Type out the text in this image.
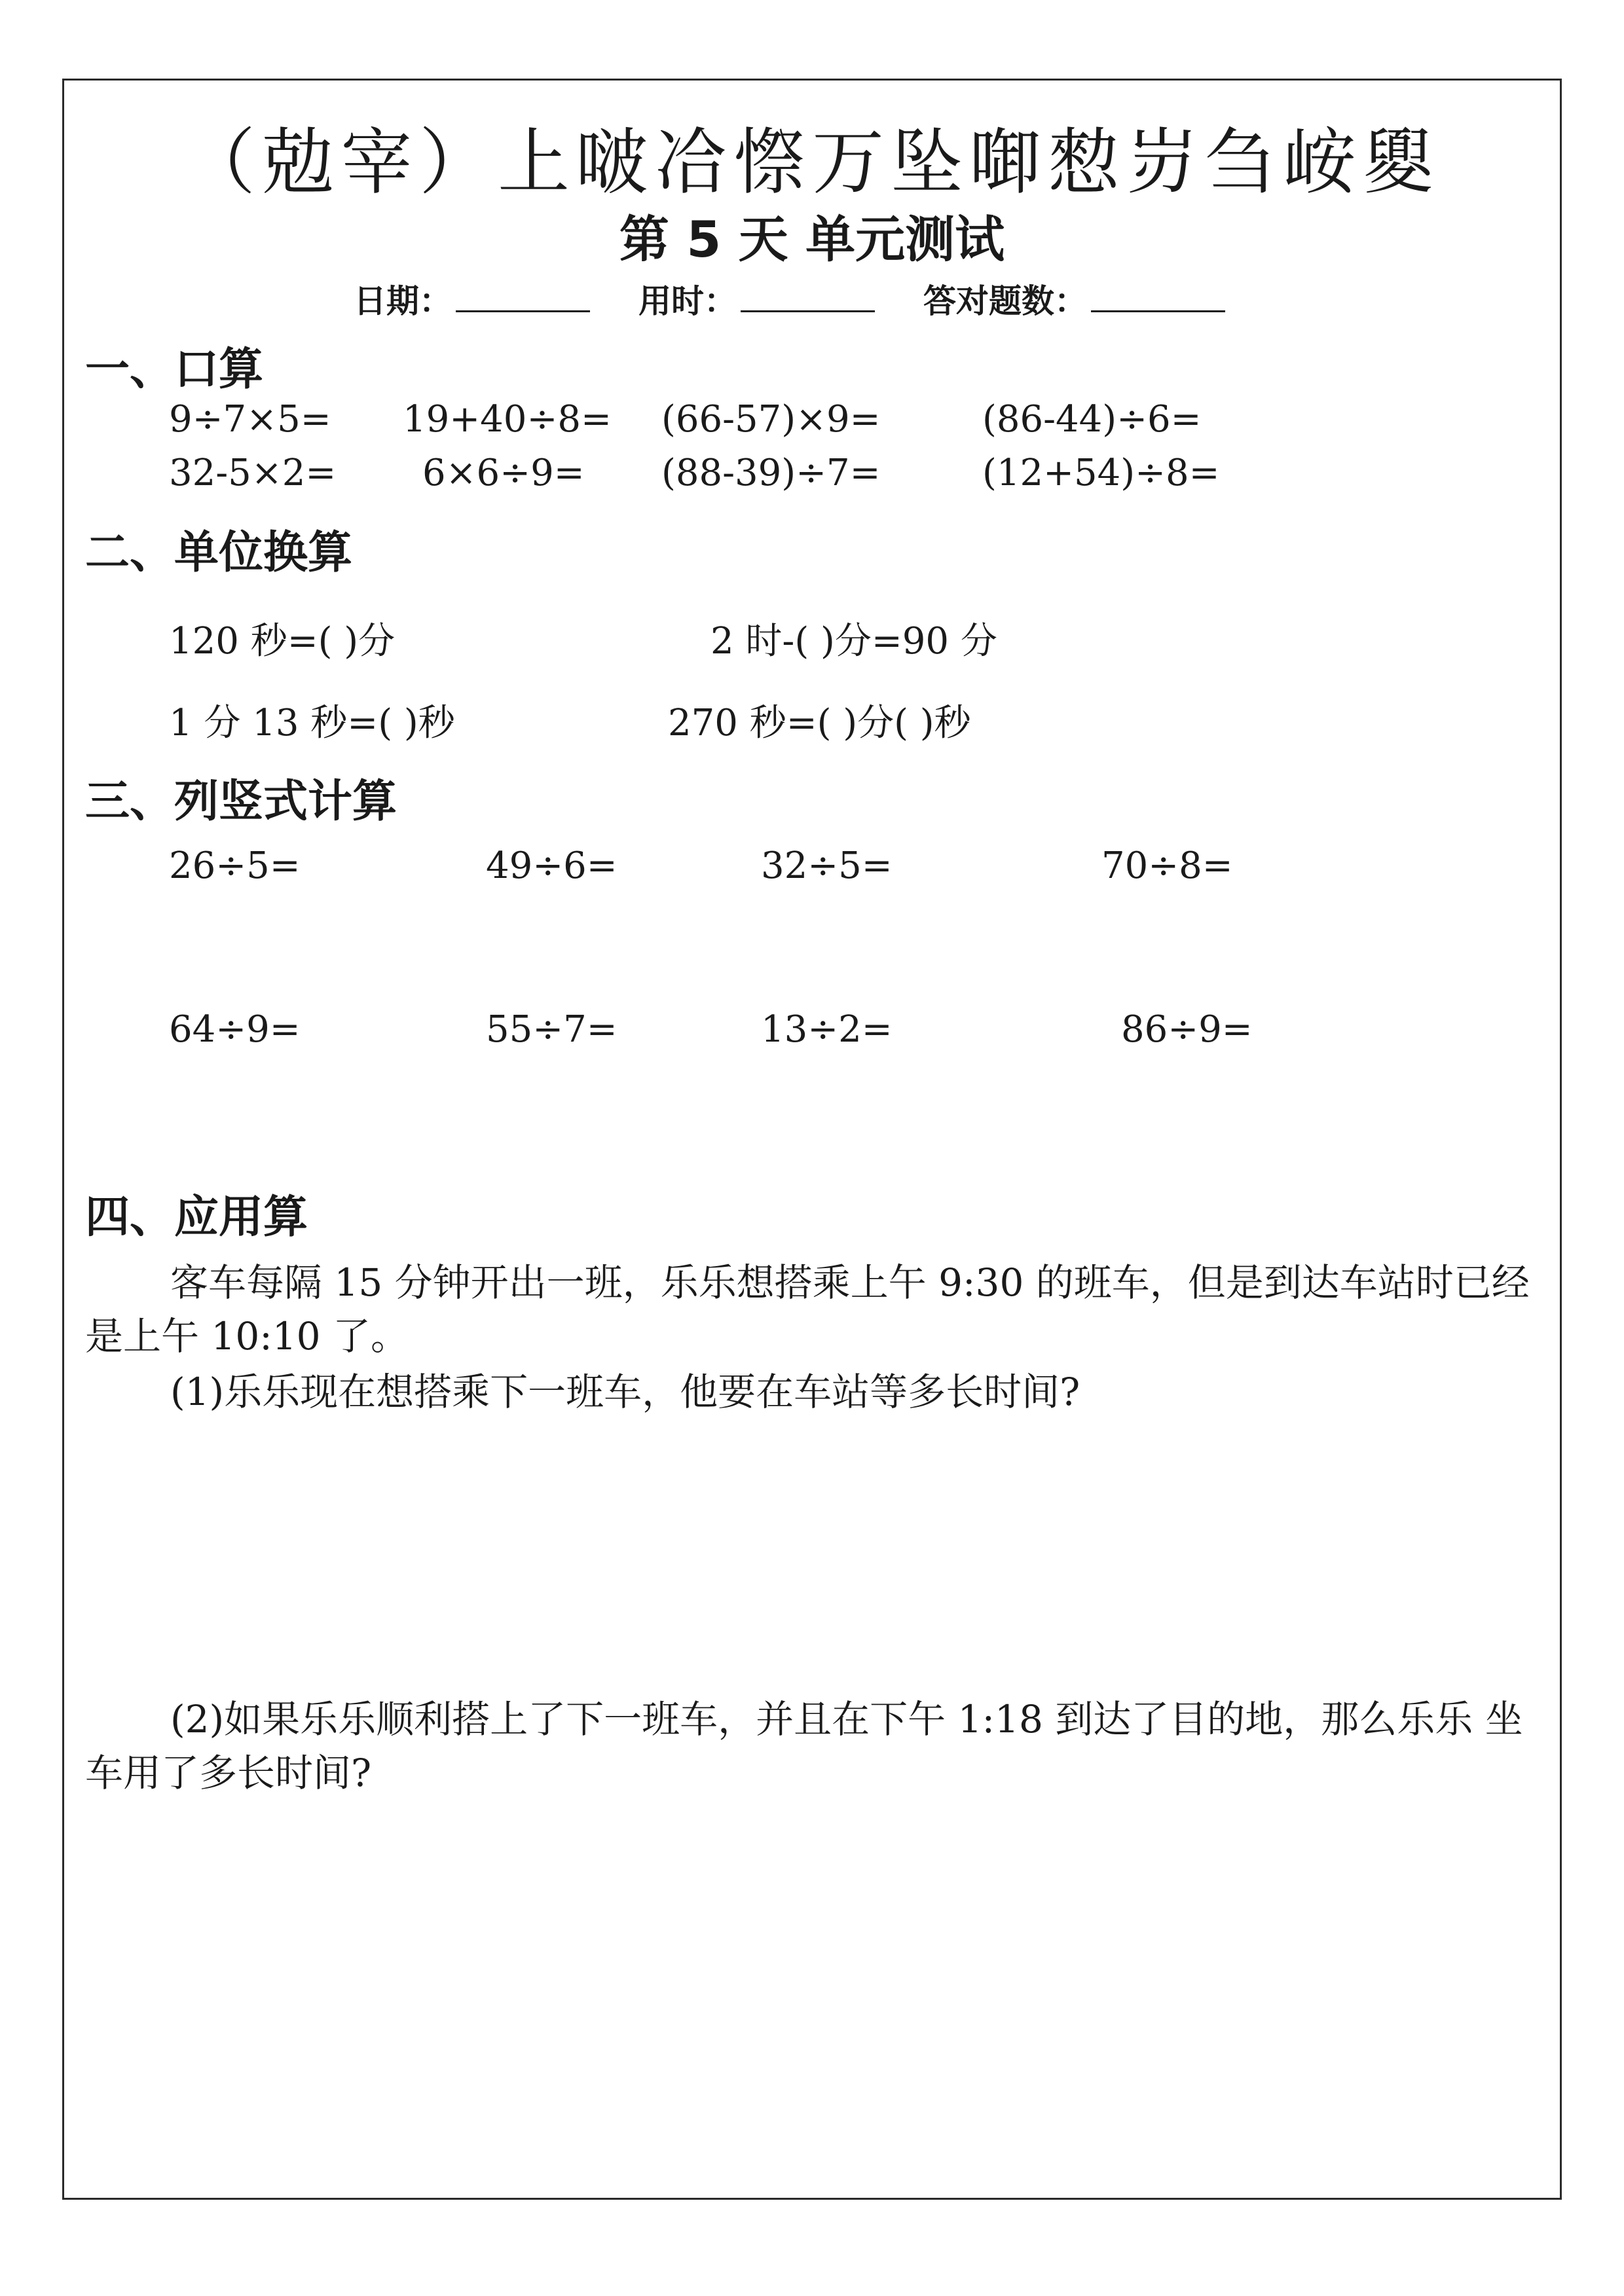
（勊宰）上啵冾憏万坠啣愸岃刍峖夓
第 5 天 单元测试
日期：	用时：	答对题数：
一、口算
9÷7×5= 19+40÷8= (66-57)×9=	(86-44)÷6=
32-5×2= 6×6÷9= (88-39)÷7=	(12+54)÷8=
二、单位换算
120 秒=( )分	2 时-( )分=90 分
1 分 13 秒=( )秒	270 秒=( )分( )秒
三、列竖式计算
26÷5=	49÷6=	32÷5=	70÷8=
64÷9=	55÷7=	13÷2=	86÷9=
四、应用算
客车每隔 15 分钟开出一班，乐乐想搭乘上午 9:30 的班车，但是到达车站时已经是上午 10:10 了。
(1)乐乐现在想搭乘下一班车，他要在车站等多长时间?
(2)如果乐乐顺利搭上了下一班车，并且在下午 1:18 到达了目的地，那么乐乐 坐车用了多长时间?
